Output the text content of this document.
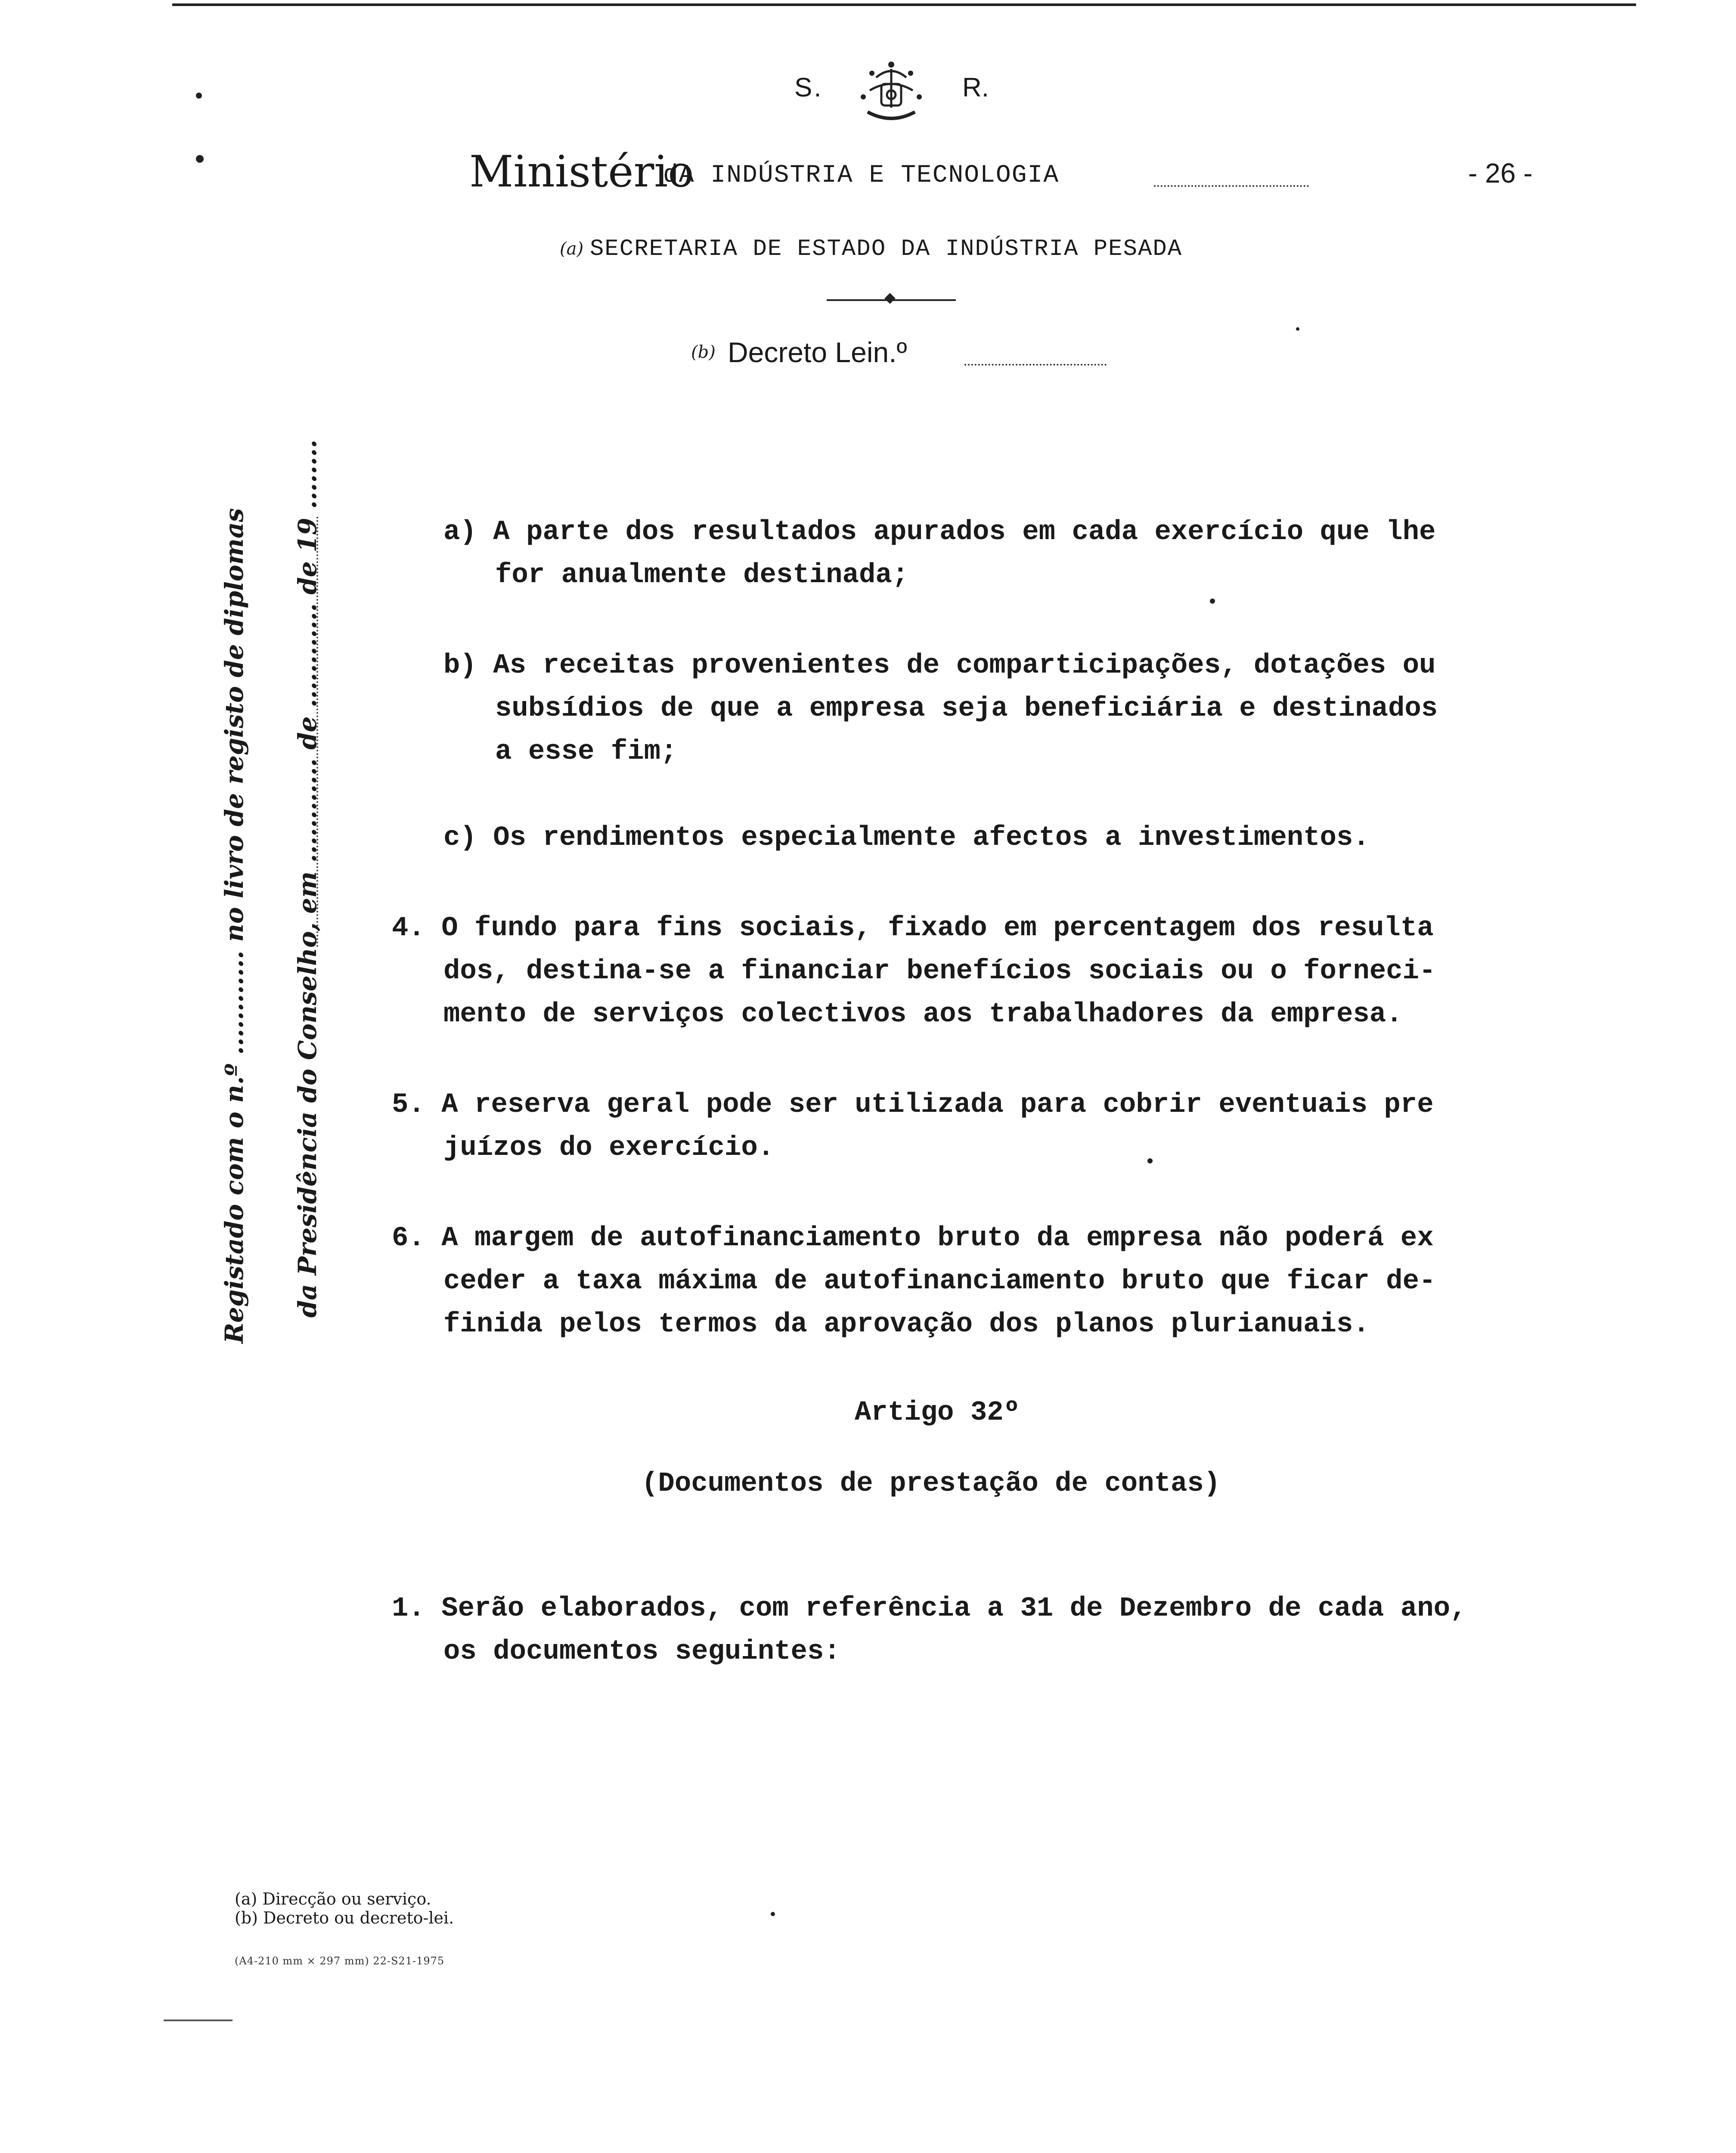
S.	R.
Ministério
dA INDÚSTRIA E TECNOLOGIA	- 26 -
(a) SECRETARIA DE ESTADO DA INDÚSTRIA PESADA
(b) Decreto Lein.º
Registado com o n.º ............ no livro de registo de diplomas da Presidência do Conselho, em ............ de ............ de 19 ........	a) A parte dos resultados apurados em cada exercício que lhe
for anualmente destinada;
b) As receitas provenientes de comparticipações, dotações ou
subsídios de que a empresa seja beneficiária e destinados
a esse fim;
c) Os rendimentos especialmente afectos a investimentos.
4. O fundo para fins sociais, fixado em percentagem dos resulta
dos, destina-se a financiar benefícios sociais ou o forneci-
mento de serviços colectivos aos trabalhadores da empresa.
5. A reserva geral pode ser utilizada para cobrir eventuais pre
juízos do exercício.
6. A margem de autofinanciamento bruto da empresa não poderá ex
ceder a taxa máxima de autofinanciamento bruto que ficar de-
finida pelos termos da aprovação dos planos plurianuais.
Artigo 32º
(Documentos de prestação de contas)
1. Serão elaborados, com referência a 31 de Dezembro de cada ano,
os documentos seguintes:
(a) Direcção ou serviço.
(b) Decreto ou decreto-lei.
(A4-210 mm × 297 mm) 22-S21-1975
